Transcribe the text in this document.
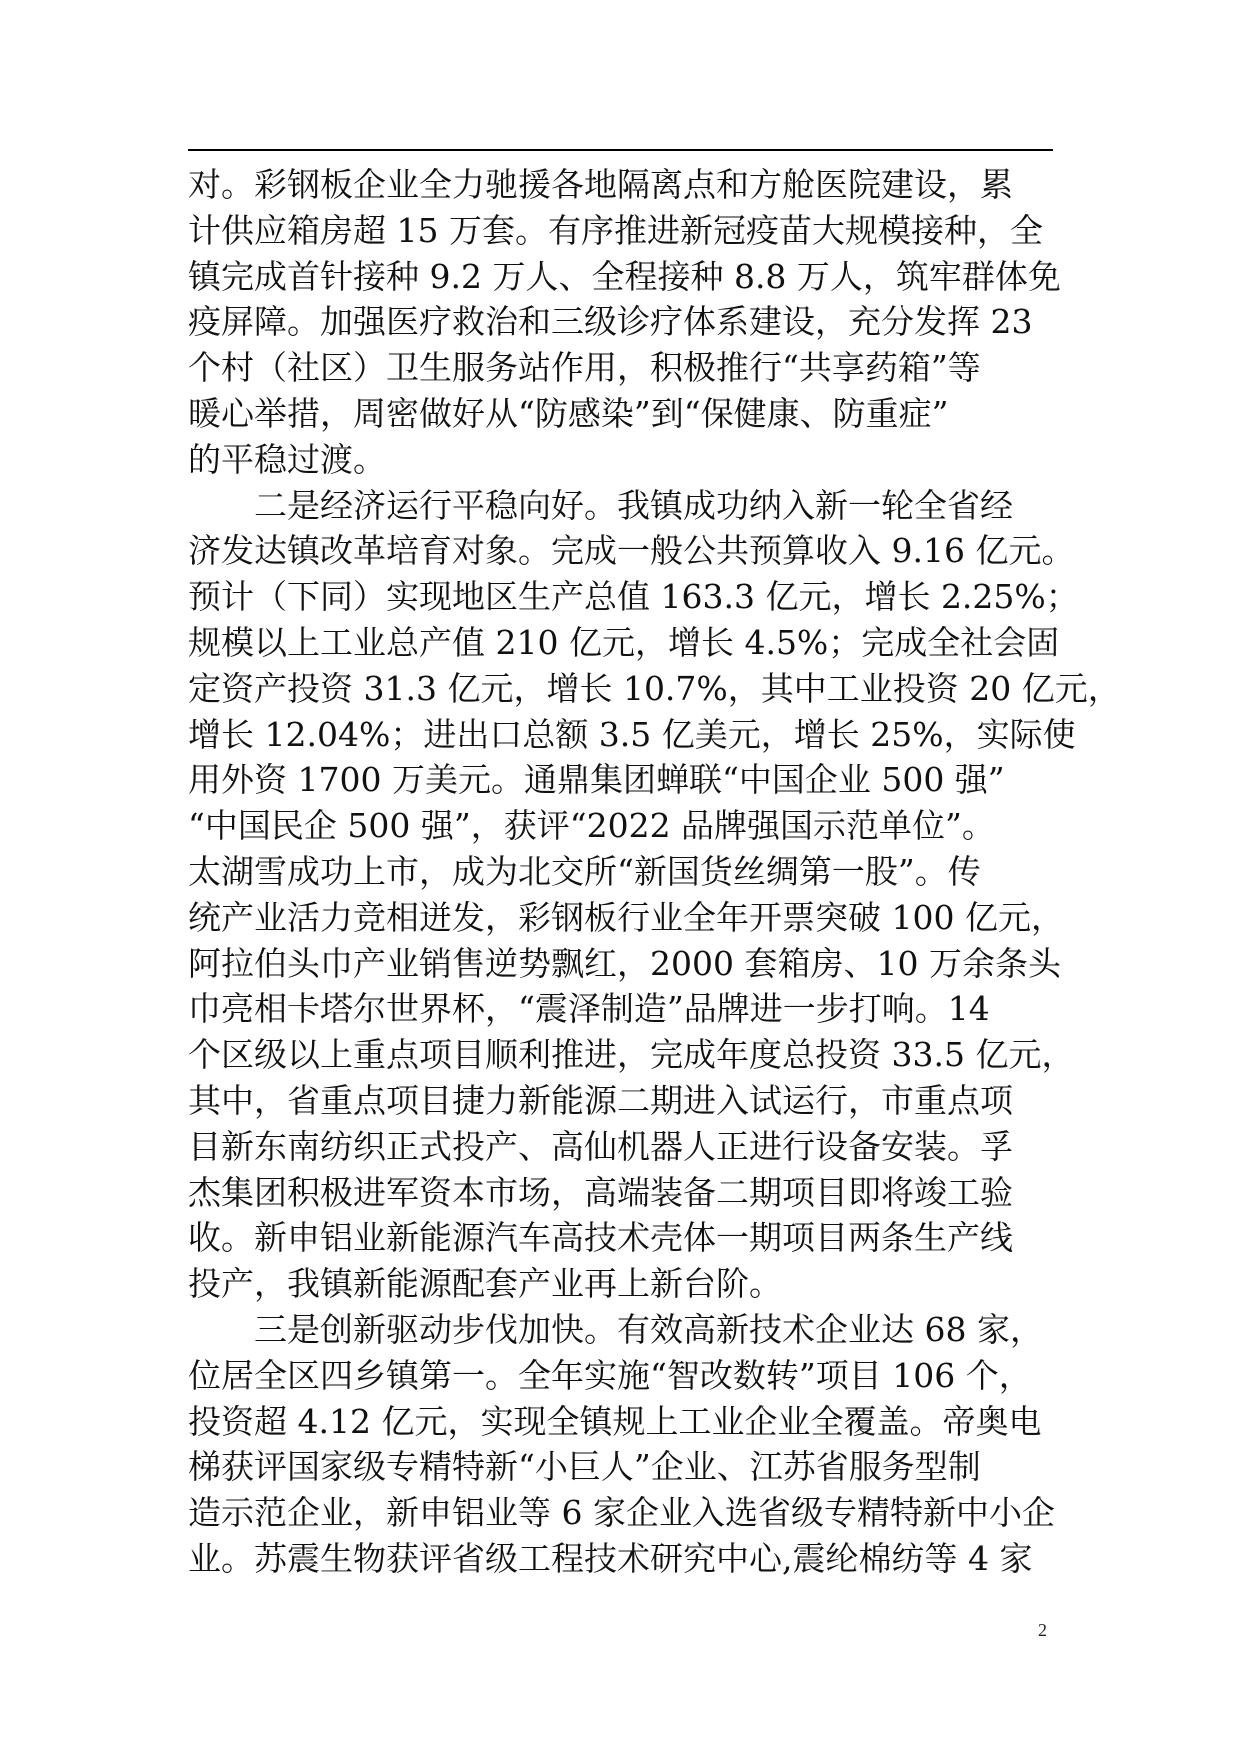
对。彩钢板企业全力驰援各地隔离点和方舱医院建设，累
计供应箱房超 15 万套。有序推进新冠疫苗大规模接种，全
镇完成首针接种 9.2 万人、全程接种 8.8 万人，筑牢群体免
疫屏障。加强医疗救治和三级诊疗体系建设，充分发挥 23
个村（社区）卫生服务站作用，积极推行“共享药箱”等
暖心举措，周密做好从“防感染”到“保健康、防重症”
的平稳过渡。
二是经济运行平稳向好。我镇成功纳入新一轮全省经
济发达镇改革培育对象。完成一般公共预算收入 9.16 亿元。
预计（下同）实现地区生产总值 163.3 亿元，增长 2.25%；
规模以上工业总产值 210 亿元，增长 4.5%；完成全社会固
定资产投资 31.3 亿元，增长 10.7%，其中工业投资 20 亿元，
增长 12.04%；进出口总额 3.5 亿美元，增长 25%，实际使
用外资 1700 万美元。通鼎集团蝉联“中国企业 500 强”
“中国民企 500 强”，获评“2022 品牌强国示范单位”。
太湖雪成功上市，成为北交所“新国货丝绸第一股”。传
统产业活力竞相迸发，彩钢板行业全年开票突破 100 亿元，
阿拉伯头巾产业销售逆势飘红，2000 套箱房、10 万余条头
巾亮相卡塔尔世界杯，“震泽制造”品牌进一步打响。14
个区级以上重点项目顺利推进，完成年度总投资 33.5 亿元，
其中，省重点项目捷力新能源二期进入试运行，市重点项
目新东南纺织正式投产、高仙机器人正进行设备安装。孚
杰集团积极进军资本市场，高端装备二期项目即将竣工验
收。新申铝业新能源汽车高技术壳体一期项目两条生产线
投产，我镇新能源配套产业再上新台阶。
三是创新驱动步伐加快。有效高新技术企业达 68 家，
位居全区四乡镇第一。全年实施“智改数转”项目 106 个，
投资超 4.12 亿元，实现全镇规上工业企业全覆盖。帝奥电
梯获评国家级专精特新“小巨人”企业、江苏省服务型制
造示范企业，新申铝业等 6 家企业入选省级专精特新中小企
业。苏震生物获评省级工程技术研究中心,震纶棉纺等 4 家
2
